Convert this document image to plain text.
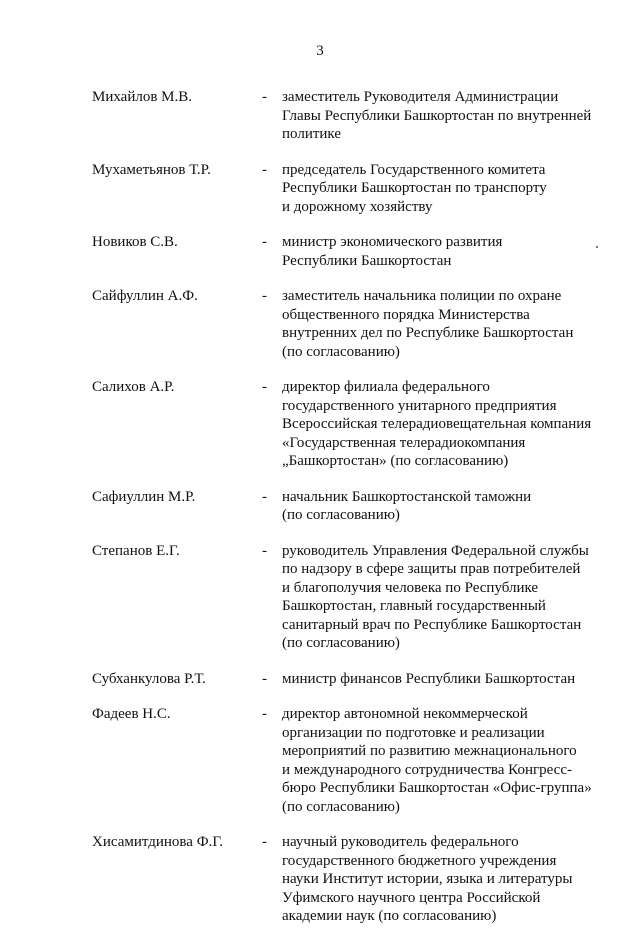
3
Михайлов М.В.	-	заместитель Руководителя Администрации
Главы Республики Башкортостан по внутренней
политике
Мухаметьянов Т.Р.	-	председатель Государственного комитета
Республики Башкортостан по транспорту
и дорожному хозяйству
Новиков С.В.	-	министр экономического развития
Республики Башкортостан
Сайфуллин А.Ф.	-	заместитель начальника полиции по охране
общественного порядка Министерства
внутренних дел по Республике Башкортостан
(по согласованию)
Салихов А.Р.	-	директор филиала федерального
государственного унитарного предприятия
Всероссийская телерадиовещательная компания
«Государственная телерадиокомпания
„Башкортостан» (по согласованию)
Сафиуллин М.Р.	-	начальник Башкортостанской таможни
(по согласованию)
Степанов Е.Г.	-	руководитель Управления Федеральной службы
по надзору в сфере защиты прав потребителей
и благополучия человека по Республике
Башкортостан, главный государственный
санитарный врач по Республике Башкортостан
(по согласованию)
Субханкулова Р.Т.	-	министр финансов Республики Башкортостан
Фадеев Н.С.	-	директор автономной некоммерческой
организации по подготовке и реализации
мероприятий по развитию межнационального
и международного сотрудничества Конгресс-
бюро Республики Башкортостан «Офис-группа»
(по согласованию)
Хисамитдинова Ф.Г.	-	научный руководитель федерального
государственного бюджетного учреждения
науки Институт истории, языка и литературы
Уфимского научного центра Российской
академии наук (по согласованию)
